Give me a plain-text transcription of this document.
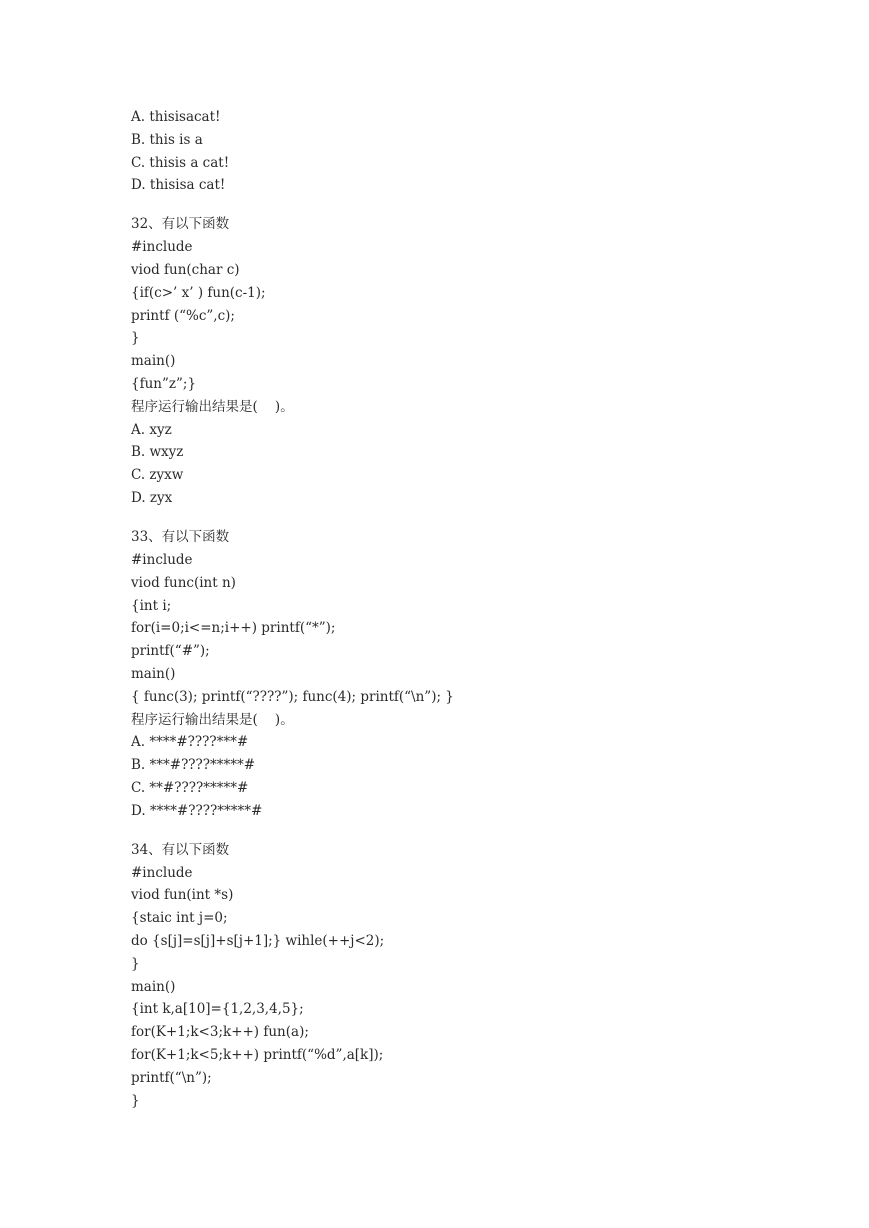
A. thisisacat!
B. this is a
C. thisis a cat!
D. thisisa cat!
32、有以下函数
#include
viod fun(char c)
{if(c>’ x’ ) fun(c-1);
printf (“%c”,c);
}
main()
{fun”z”;}
程序运行输出结果是(    )。
A. xyz
B. wxyz
C. zyxw
D. zyx
33、有以下函数
#include
viod func(int n)
{int i;
for(i=0;i<=n;i++) printf(“*”);
printf(“#”);
main()
{ func(3); printf(“????”); func(4); printf(“\n”); }
程序运行输出结果是(    )。
A. ****#????***#
B. ***#????*****#
C. **#????*****#
D. ****#????*****#
34、有以下函数
#include
viod fun(int *s)
{staic int j=0;
do {s[j]=s[j]+s[j+1];} wihle(++j<2);
}
main()
{int k,a[10]={1,2,3,4,5};
for(K+1;k<3;k++) fun(a);
for(K+1;k<5;k++) printf(“%d”,a[k]);
printf(“\n”);
}
